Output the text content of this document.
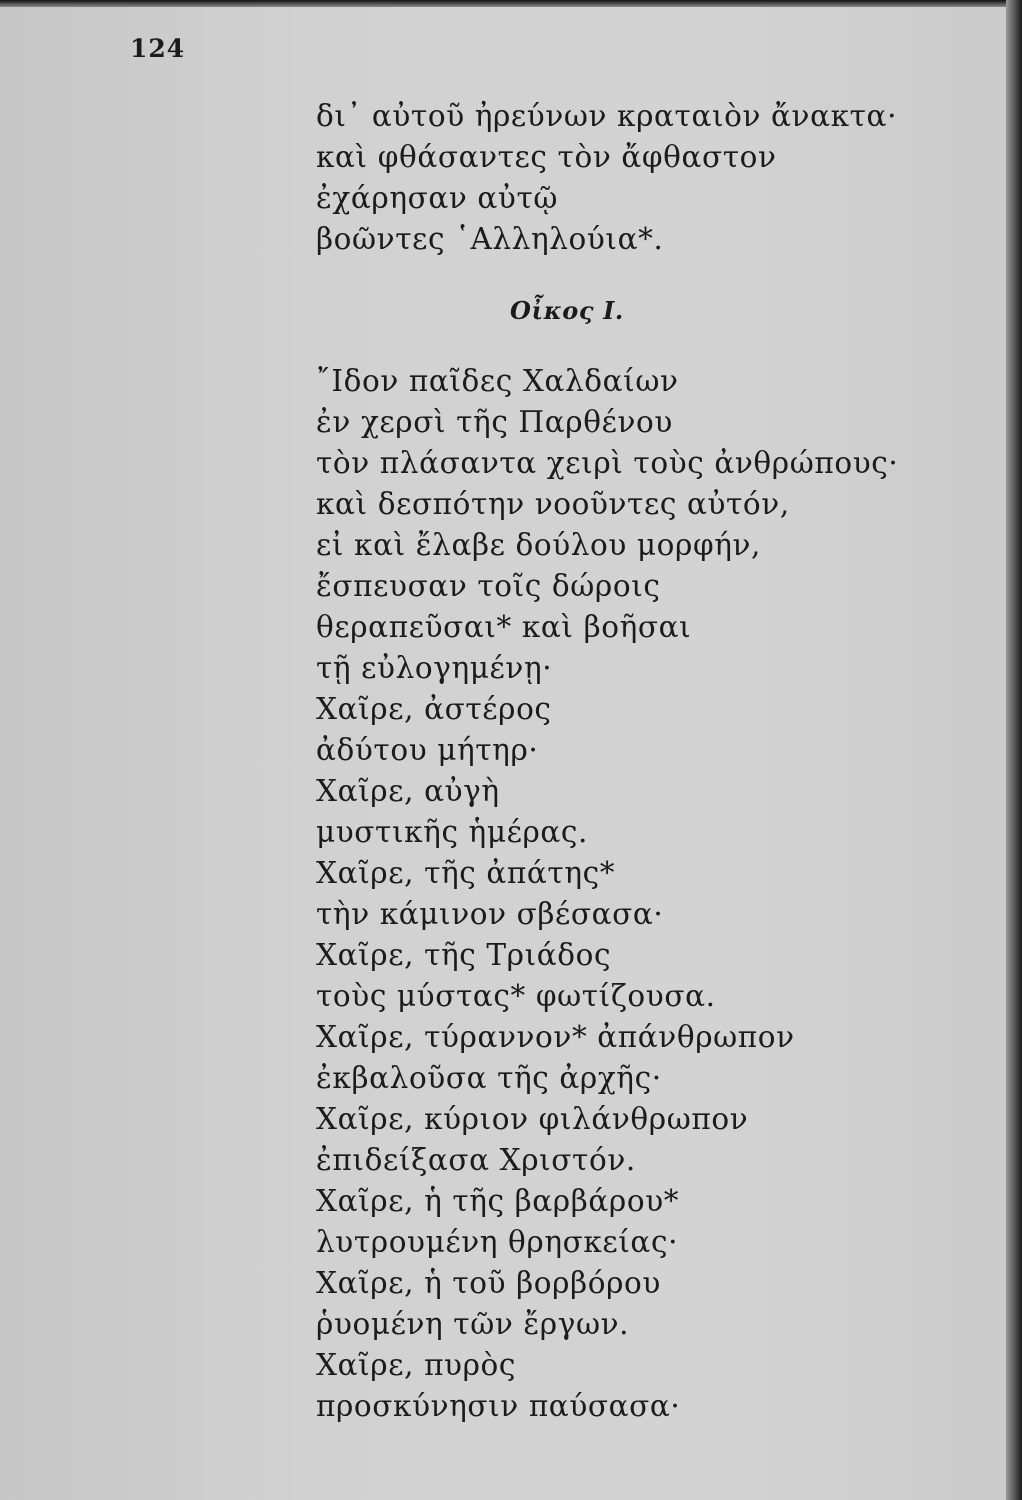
124
δι᾽ αὐτοῦ ἠρεύνων κραταιὸν ἄνακτα·
καὶ φθάσαντες τὸν ἄφθαστον
ἐχάρησαν αὐτῷ
βοῶντες ῾Αλληλούια*.
Οἶκος Ι.
῎Ιδον παῖδες Χαλδαίων
ἐν χερσὶ τῆς Παρθένου
τὸν πλάσαντα χειρὶ τοὺς ἀνθρώπους·
καὶ δεσπότην νοοῦντες αὐτόν,
εἰ καὶ ἔλαβε δούλου μορφήν,
ἔσπευσαν τοῖς δώροις
θεραπεῦσαι* καὶ βοῆσαι
τῇ εὐλογημένῃ·
Χαῖρε, ἀστέρος
ἀδύτου μήτηρ·
Χαῖρε, αὐγὴ
μυστικῆς ἡμέρας.
Χαῖρε, τῆς ἀπάτης*
τὴν κάμινον σβέσασα·
Χαῖρε, τῆς Τριάδος
τοὺς μύστας* φωτίζουσα.
Χαῖρε, τύραννον* ἀπάνθρωπον
ἐκβαλοῦσα τῆς ἀρχῆς·
Χαῖρε, κύριον φιλάνθρωπον
ἐπιδείξασα Χριστόν.
Χαῖρε, ἡ τῆς βαρβάρου*
λυτρουμένη θρησκείας·
Χαῖρε, ἡ τοῦ βορβόρου
ῥυομένη τῶν ἔργων.
Χαῖρε, πυρὸς
προσκύνησιν παύσασα·
